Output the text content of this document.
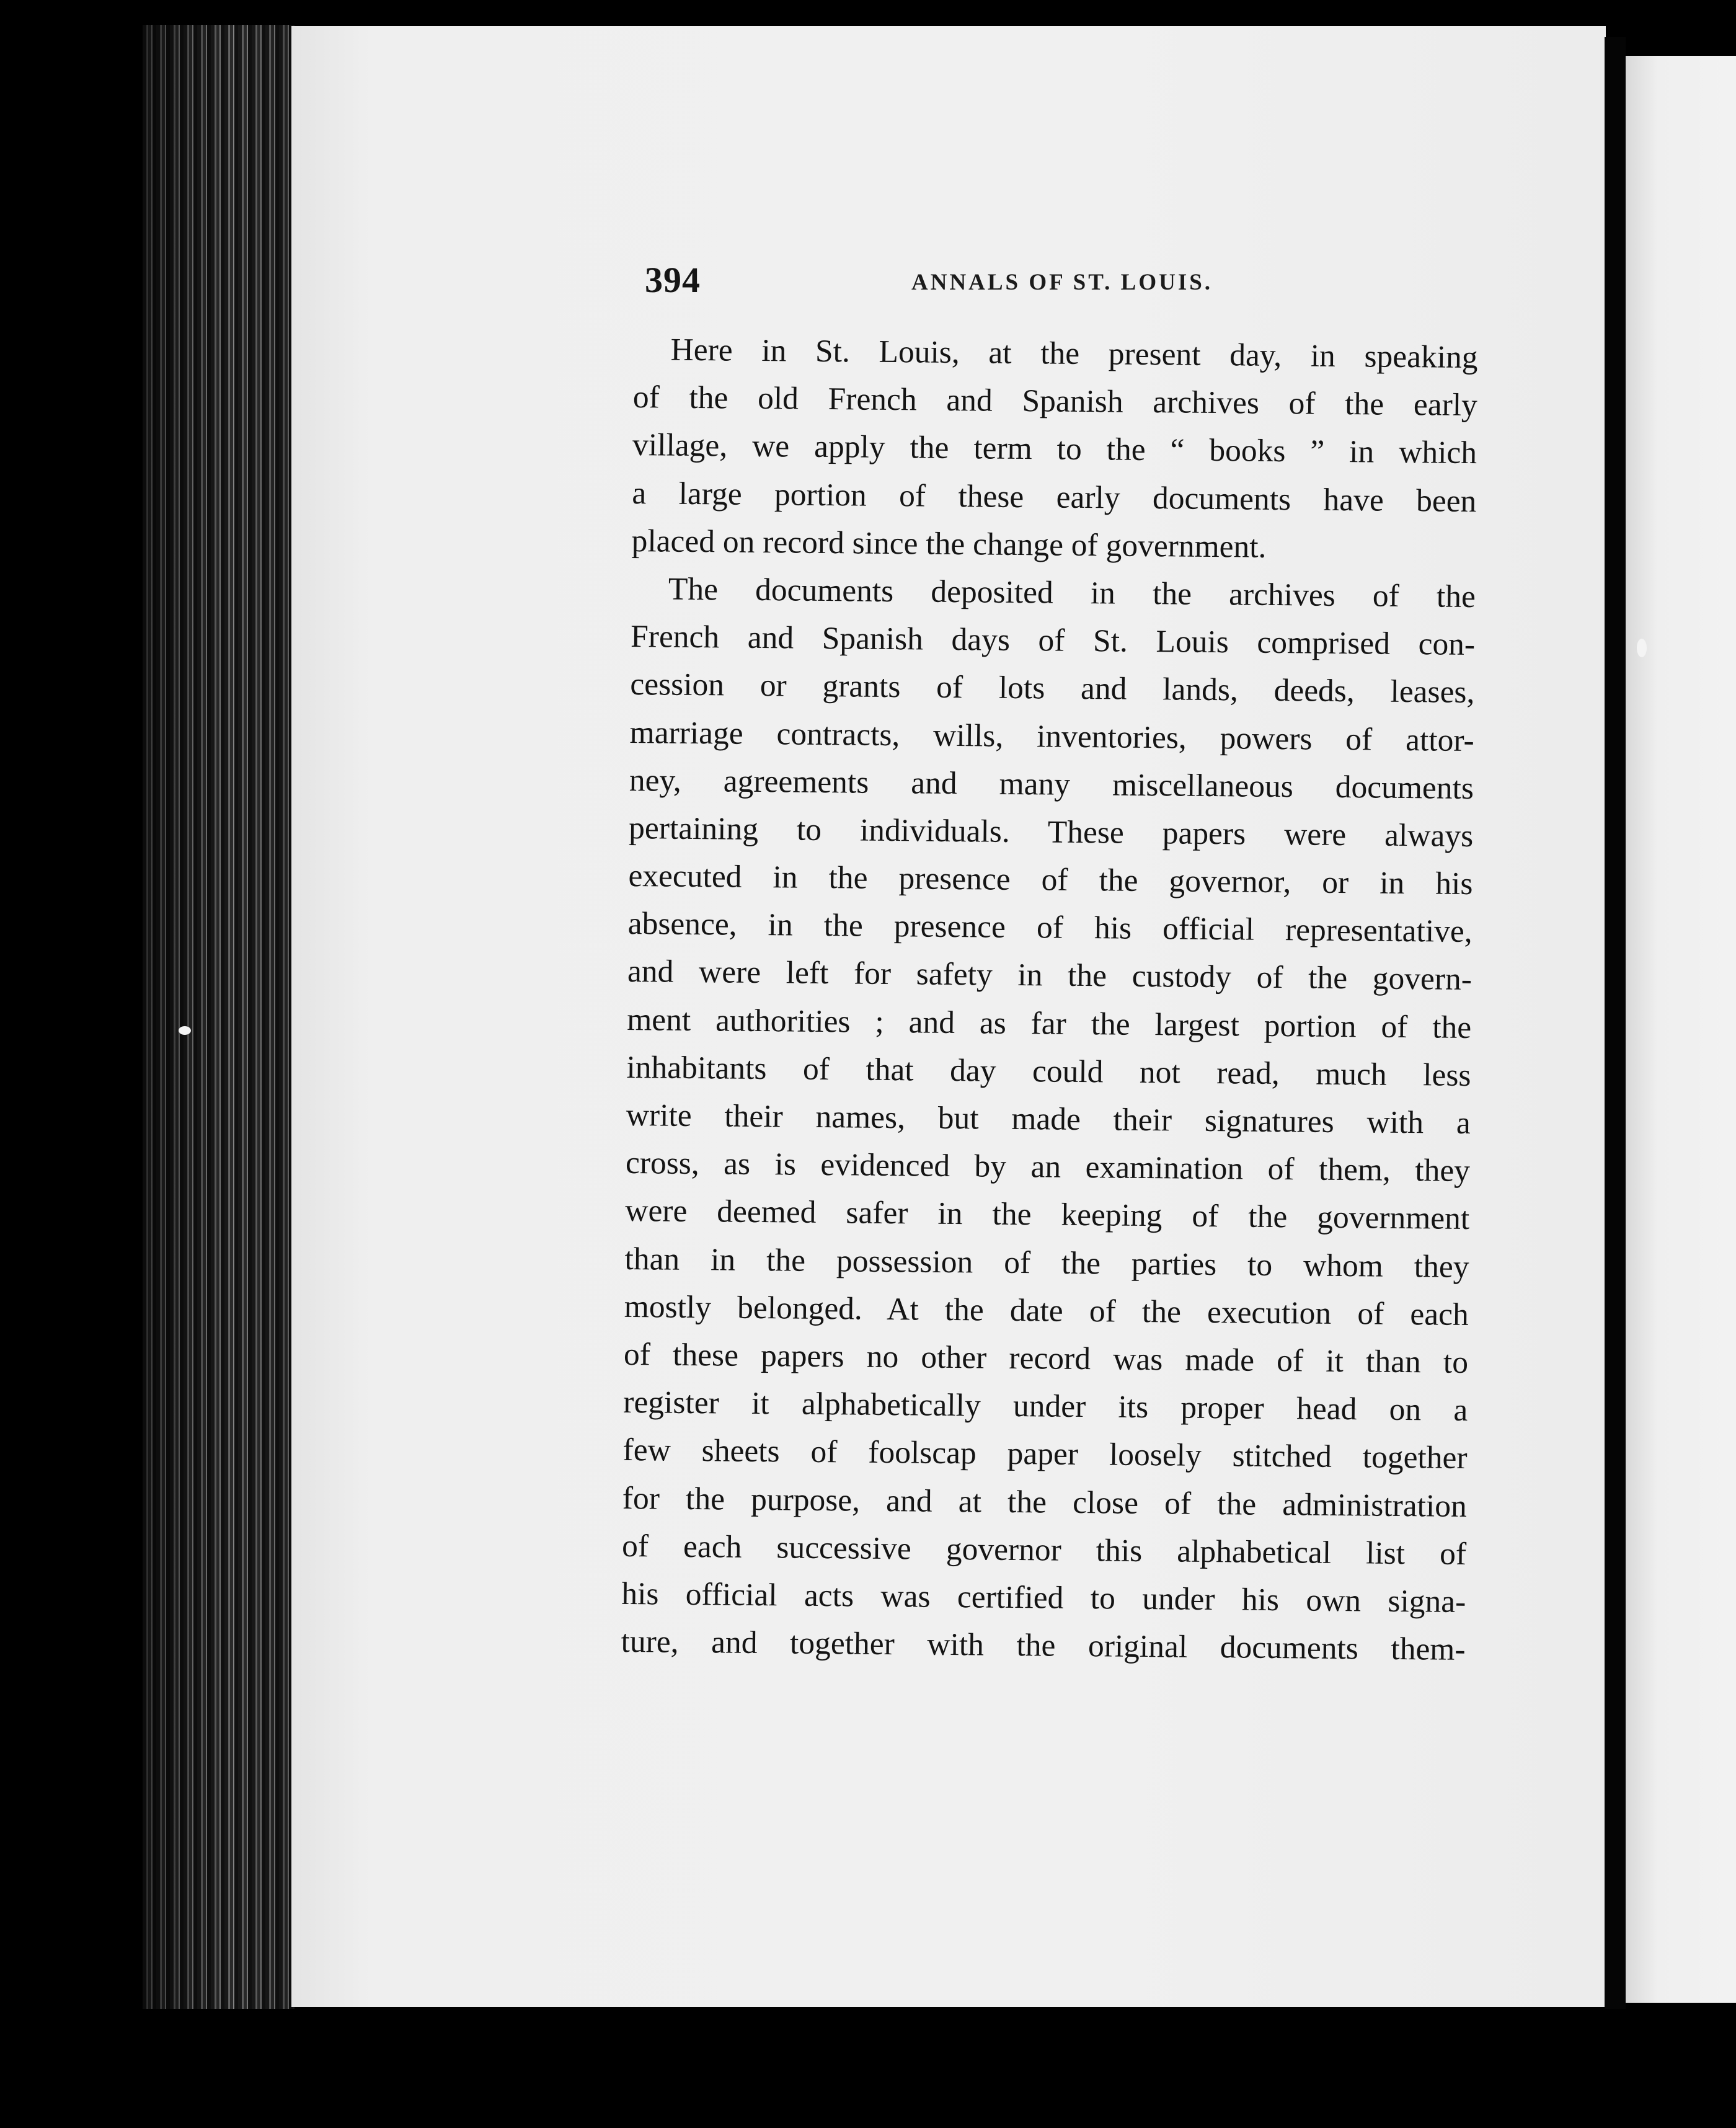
394	ANNALS OF ST. LOUIS.
Here in St. Louis, at the present day, in speaking
of the old French and Spanish archives of the early
village, we apply the term to the “ books ” in which
a large portion of these early documents have been
placed on record since the change of government.
The documents deposited in the archives of the
French and Spanish days of St. Louis comprised con-
cession or grants of lots and lands, deeds, leases,
marriage contracts, wills, inventories, powers of attor-
ney, agreements and many miscellaneous documents
pertaining to individuals. These papers were always
executed in the presence of the governor, or in his
absence, in the presence of his official representative,
and were left for safety in the custody of the govern-
ment authorities ; and as far the largest portion of the
inhabitants of that day could not read, much less
write their names, but made their signatures with a
cross, as is evidenced by an examination of them, they
were deemed safer in the keeping of the government
than in the possession of the parties to whom they
mostly belonged. At the date of the execution of each
of these papers no other record was made of it than to
register it alphabetically under its proper head on a
few sheets of foolscap paper loosely stitched together
for the purpose, and at the close of the administration
of each successive governor this alphabetical list of
his official acts was certified to under his own signa-
ture, and together with the original documents them-
